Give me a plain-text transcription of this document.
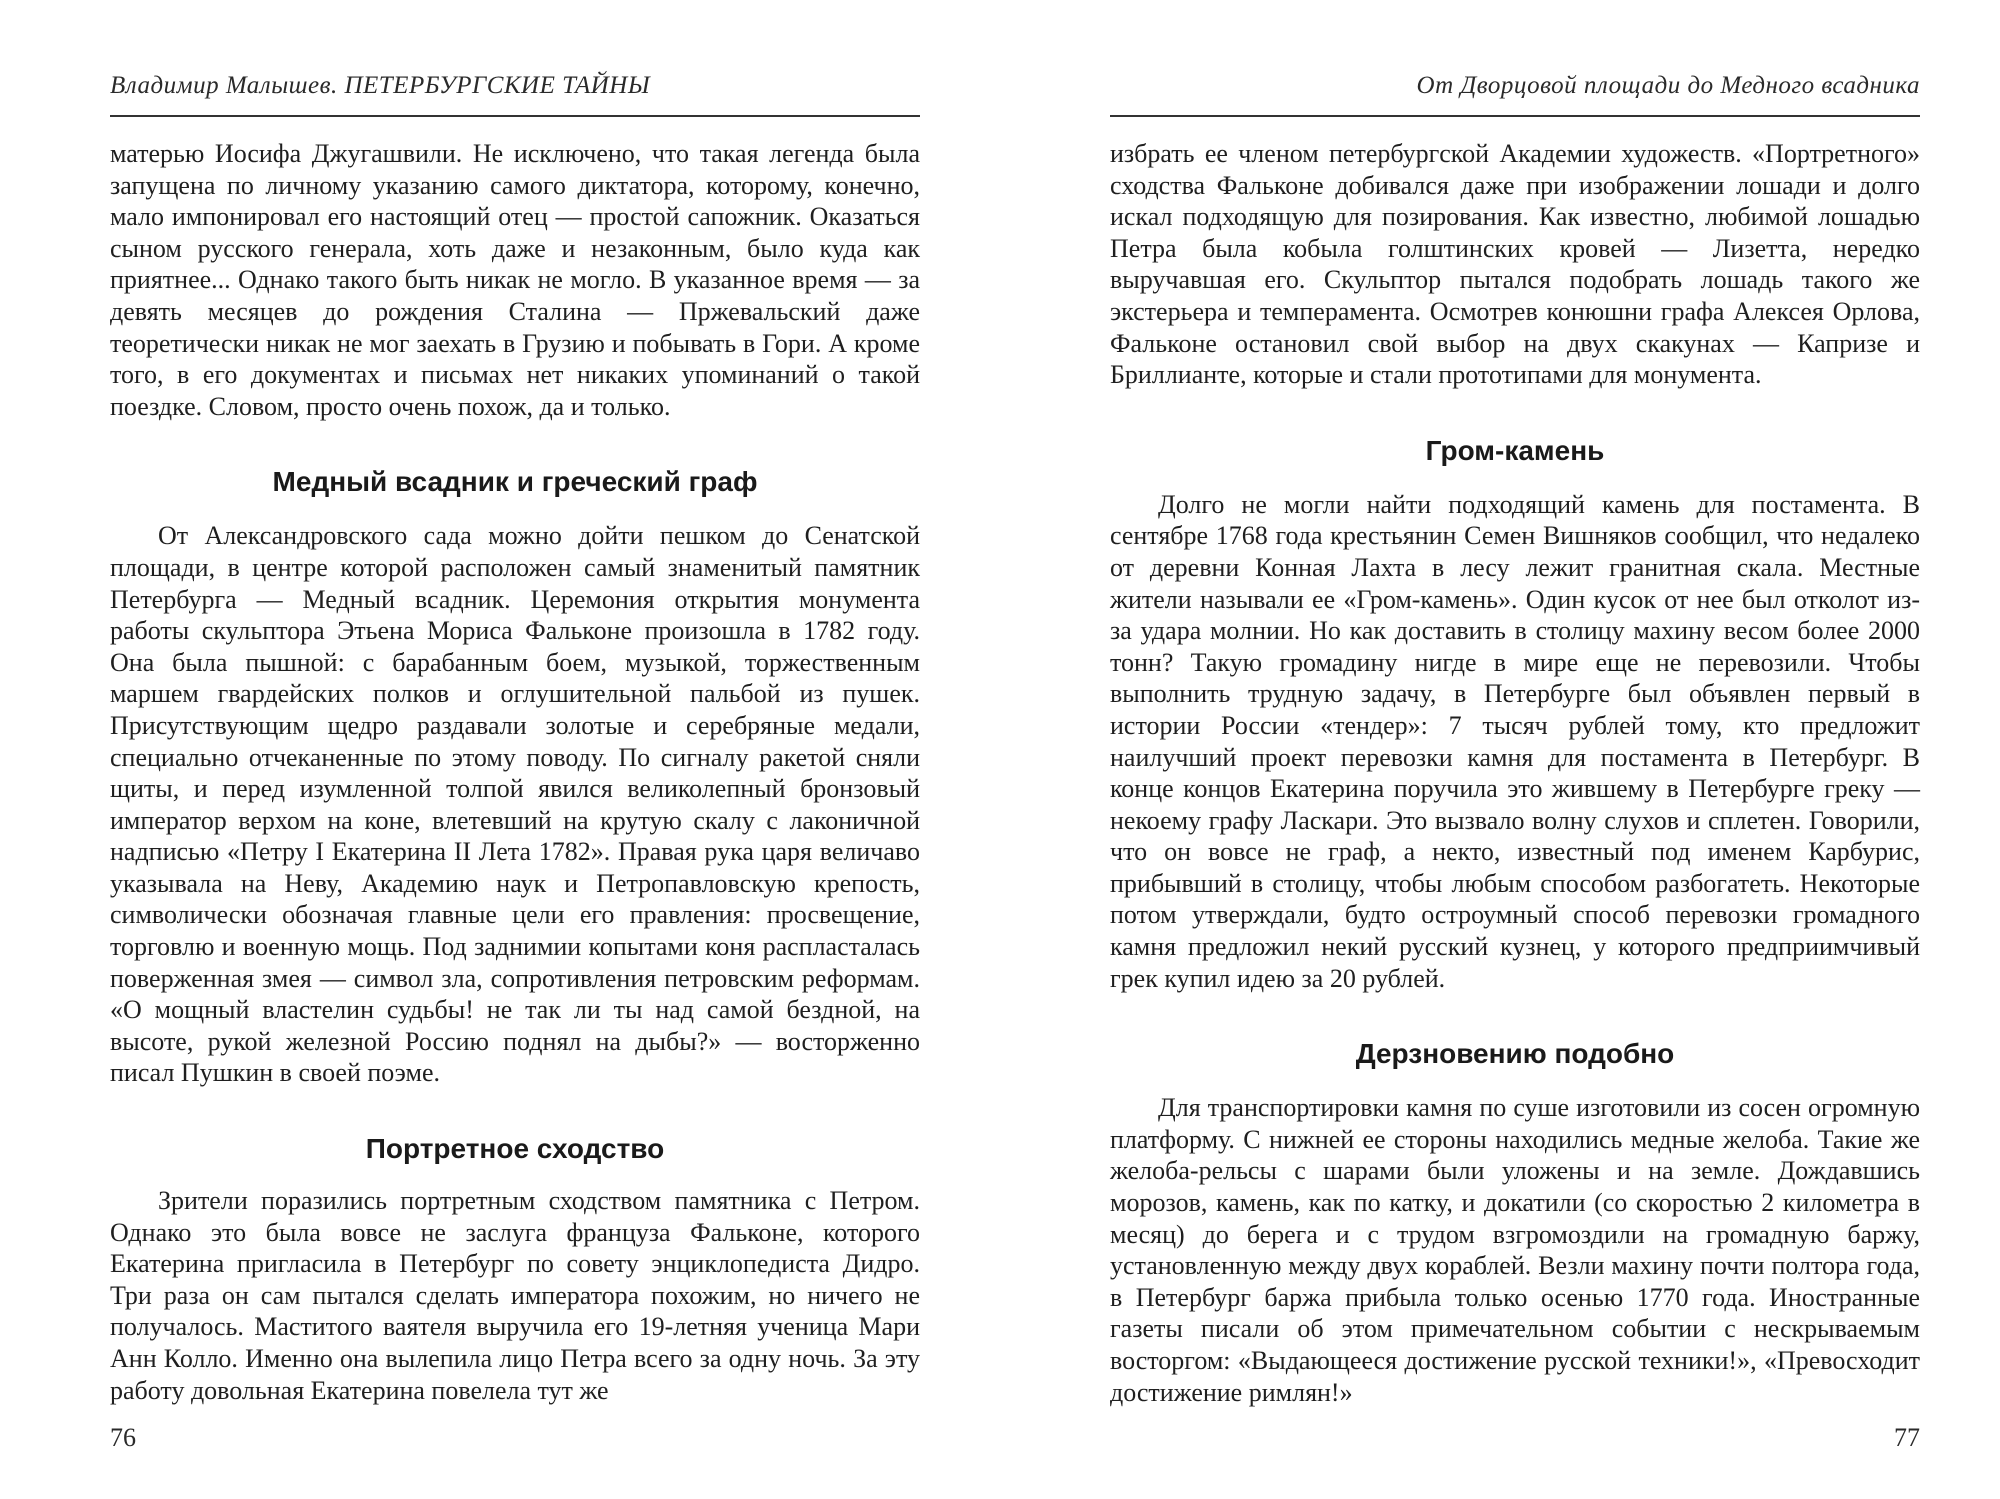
Владимир Малышев. ПЕТЕРБУРГСКИЕ ТАЙНЫ

матерью Иосифа Джугашвили. Не исключено, что такая легенда была запущена по личному указанию самого диктатора, которому, конечно, мало импонировал его настоящий отец — простой сапожник. Оказаться сыном русского генерала, хоть даже и незаконным, было куда как приятнее... Однако такого быть никак не могло. В указанное время — за девять месяцев до рождения Сталина — Пржевальский даже теоретически никак не мог заехать в Грузию и побывать в Гори. А кроме того, в его документах и письмах нет никаких упоминаний о такой поездке. Словом, просто очень похож, да и только.

Медный всадник и греческий граф

От Александровского сада можно дойти пешком до Сенатской площади, в центре которой расположен самый знаменитый памятник Петербурга — Медный всадник. Церемония открытия монумента работы скульптора Этьена Мориса Фальконе произошла в 1782 году. Она была пышной: с барабанным боем, музыкой, торжественным маршем гвардейских полков и оглушительной пальбой из пушек. Присутствующим щедро раздавали золотые и серебряные медали, специально отчеканенные по этому поводу. По сигналу ракетой сняли щиты, и перед изумленной толпой явился великолепный бронзовый император верхом на коне, влетевший на крутую скалу с лаконичной надписью «Петру I Екатерина II Лета 1782». Правая рука царя величаво указывала на Неву, Академию наук и Петропавловскую крепость, символически обозначая главные цели его правления: просвещение, торговлю и военную мощь. Под заднимии копытами коня распласталась поверженная змея — символ зла, сопротивления петровским реформам. «О мощный властелин судьбы! не так ли ты над самой бездной, на высоте, рукой железной Россию поднял на дыбы?» — восторженно писал Пушкин в своей поэме.

Портретное сходство

Зрители поразились портретным сходством памятника с Петром. Однако это была вовсе не заслуга француза Фальконе, которого Екатерина пригласила в Петербург по совету энциклопедиста Дидро. Три раза он сам пытался сделать императора похожим, но ничего не получалось. Маститого ваятеля выручила его 19-летняя ученица Мари Анн Колло. Именно она вылепила лицо Петра всего за одну ночь. За эту работу довольная Екатерина повелела тут же

76
От Дворцовой площади до Медного всадника

избрать ее членом петербургской Академии художеств. «Портретного» сходства Фальконе добивался даже при изображении лошади и долго искал подходящую для позирования. Как известно, любимой лошадью Петра была кобыла голштинских кровей — Лизетта, нередко выручавшая его. Скульптор пытался подобрать лошадь такого же экстерьера и темперамента. Осмотрев конюшни графа Алексея Орлова, Фальконе остановил свой выбор на двух скакунах — Капризе и Бриллианте, которые и стали прототипами для монумента.

Гром-камень

Долго не могли найти подходящий камень для постамента. В сентябре 1768 года крестьянин Семен Вишняков сообщил, что недалеко от деревни Конная Лахта в лесу лежит гранитная скала. Местные жители называли ее «Гром-камень». Один кусок от нее был отколот из-за удара молнии. Но как доставить в столицу махину весом более 2000 тонн? Такую громадину нигде в мире еще не перевозили. Чтобы выполнить трудную задачу, в Петербурге был объявлен первый в истории России «тендер»: 7 тысяч рублей тому, кто предложит наилучший проект перевозки камня для постамента в Петербург. В конце концов Екатерина поручила это жившему в Петербурге греку — некоему графу Ласкари. Это вызвало волну слухов и сплетен. Говорили, что он вовсе не граф, а некто, известный под именем Карбурис, прибывший в столицу, чтобы любым способом разбогатеть. Некоторые потом утверждали, будто остроумный способ перевозки громадного камня предложил некий русский кузнец, у которого предприимчивый грек купил идею за 20 рублей.

Дерзновению подобно

Для транспортировки камня по суше изготовили из сосен огромную платформу. С нижней ее стороны находились медные желоба. Такие же желоба-рельсы с шарами были уложены и на земле. Дождавшись морозов, камень, как по катку, и докатили (со скоростью 2 километра в месяц) до берега и с трудом взгромоздили на громадную баржу, установленную между двух кораблей. Везли махину почти полтора года, в Петербург баржа прибыла только осенью 1770 года. Иностранные газеты писали об этом примечательном событии с нескрываемым восторгом: «Выдающееся достижение русской техники!», «Превосходит достижение римлян!»

77
